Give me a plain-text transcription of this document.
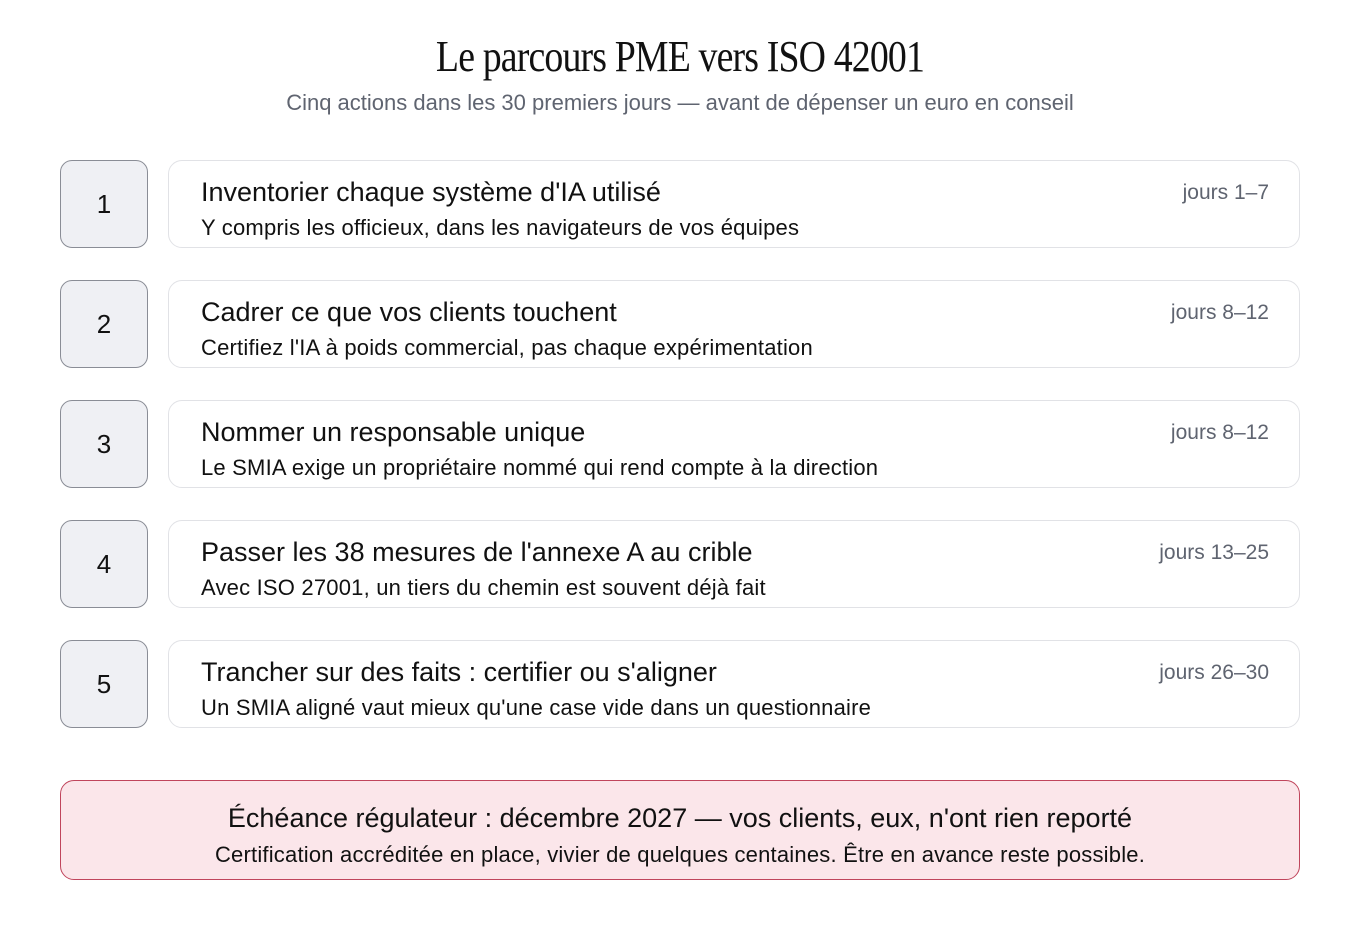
Le parcours PME vers ISO 42001
Cinq actions dans les 30 premiers jours — avant de dépenser un euro en conseil
1	Inventorier chaque système d'IA utilisé
Y compris les officieux, dans les navigateurs de vos équipes
jours 1–7
2	Cadrer ce que vos clients touchent
Certifiez l'IA à poids commercial, pas chaque expérimentation
jours 8–12
3	Nommer un responsable unique
Le SMIA exige un propriétaire nommé qui rend compte à la direction
jours 8–12
4	Passer les 38 mesures de l'annexe A au crible
Avec ISO 27001, un tiers du chemin est souvent déjà fait
jours 13–25
5	Trancher sur des faits : certifier ou s'aligner
Un SMIA aligné vaut mieux qu'une case vide dans un questionnaire
jours 26–30
Échéance régulateur : décembre 2027 — vos clients, eux, n'ont rien reporté
Certification accréditée en place, vivier de quelques centaines. Être en avance reste possible.
